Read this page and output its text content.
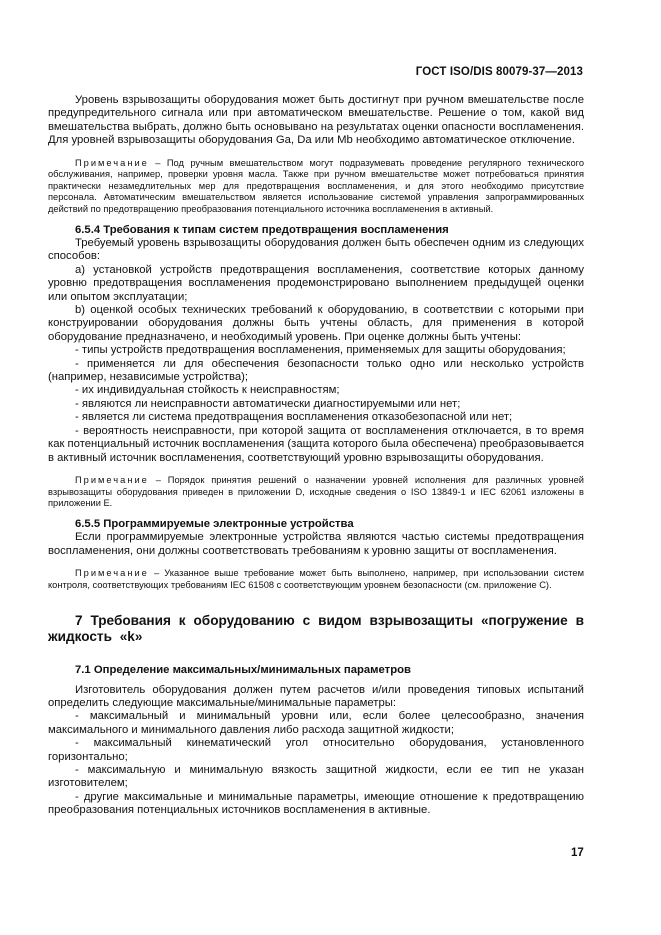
ГОСТ ISO/DIS 80079-37—2013

Уровень взрывозащиты оборудования может быть достигнут при ручном вмешательстве после предупредительного сигнала или при автоматическом вмешательстве. Решение о том, какой вид вмешательства выбрать, должно быть основывано на результатах оценки опасности воспламенения. Для уровней взрывозащиты оборудования Ga, Da или Mb необходимо автоматическое отключение.

Примечание – Под ручным вмешательством могут подразумевать проведение регулярного технического обслуживания, например, проверки уровня масла. Также при ручном вмешательстве может потребоваться принятия практически незамедлительных мер для предотвращения воспламенения, и для этого необходимо присутствие персонала. Автоматическим вмешательством является использование системой управления запрограммированных действий по предотвращению преобразования потенциального источника воспламенения в активный.

6.5.4 Требования к типам систем предотвращения воспламенения

Требуемый уровень взрывозащиты оборудования должен быть обеспечен одним из следующих способов:

a) установкой устройств предотвращения воспламенения, соответствие которых данному уровню предотвращения воспламенения продемонстрировано выполнением предыдущей оценки или опытом эксплуатации;

b) оценкой особых технических требований к оборудованию, в соответствии с которыми при конструировании оборудования должны быть учтены область, для применения в которой оборудование предназначено, и необходимый уровень. При оценке должны быть учтены:

- типы устройств предотвращения воспламенения, применяемых для защиты оборудования;

- применяется ли для обеспечения безопасности только одно или несколько устройств (например, независимые устройства);

- их индивидуальная стойкость к неисправностям;

- являются ли неисправности автоматически диагностируемыми или нет;

- является ли система предотвращения воспламенения отказобезопасной или нет;

- вероятность неисправности, при которой защита от воспламенения отключается, в то время как потенциальный источник воспламенения (защита которого была обеспечена) преобразовывается в активный источник воспламенения, соответствующий уровню взрывозащиты оборудования.

Примечание – Порядок принятия решений о назначении уровней исполнения для различных уровней взрывозащиты оборудования приведен в приложении D, исходные сведения о ISO 13849-1 и IEC 62061 изложены в приложении E.

6.5.5 Программируемые электронные устройства

Если программируемые электронные устройства являются частью системы предотвращения воспламенения, они должны соответствовать требованиям к уровню защиты от воспламенения.

Примечание – Указанное выше требование может быть выполнено, например, при использовании систем контроля, соответствующих требованиям IEC 61508 с соответствующим уровнем безопасности (см. приложение C).

7 Требования к оборудованию с видом взрывозащиты «погружение в жидкость «k»

7.1 Определение максимальных/минимальных параметров

Изготовитель оборудования должен путем расчетов и/или проведения типовых испытаний определить следующие максимальные/минимальные параметры:

- максимальный и минимальный уровни или, если более целесообразно, значения максимального и минимального давления либо расхода защитной жидкости;

- максимальный кинематический угол относительно оборудования, установленного горизонтально;

- максимальную и минимальную вязкость защитной жидкости, если ее тип не указан изготовителем;

- другие максимальные и минимальные параметры, имеющие отношение к предотвращению преобразования потенциальных источников воспламенения в активные.

17
